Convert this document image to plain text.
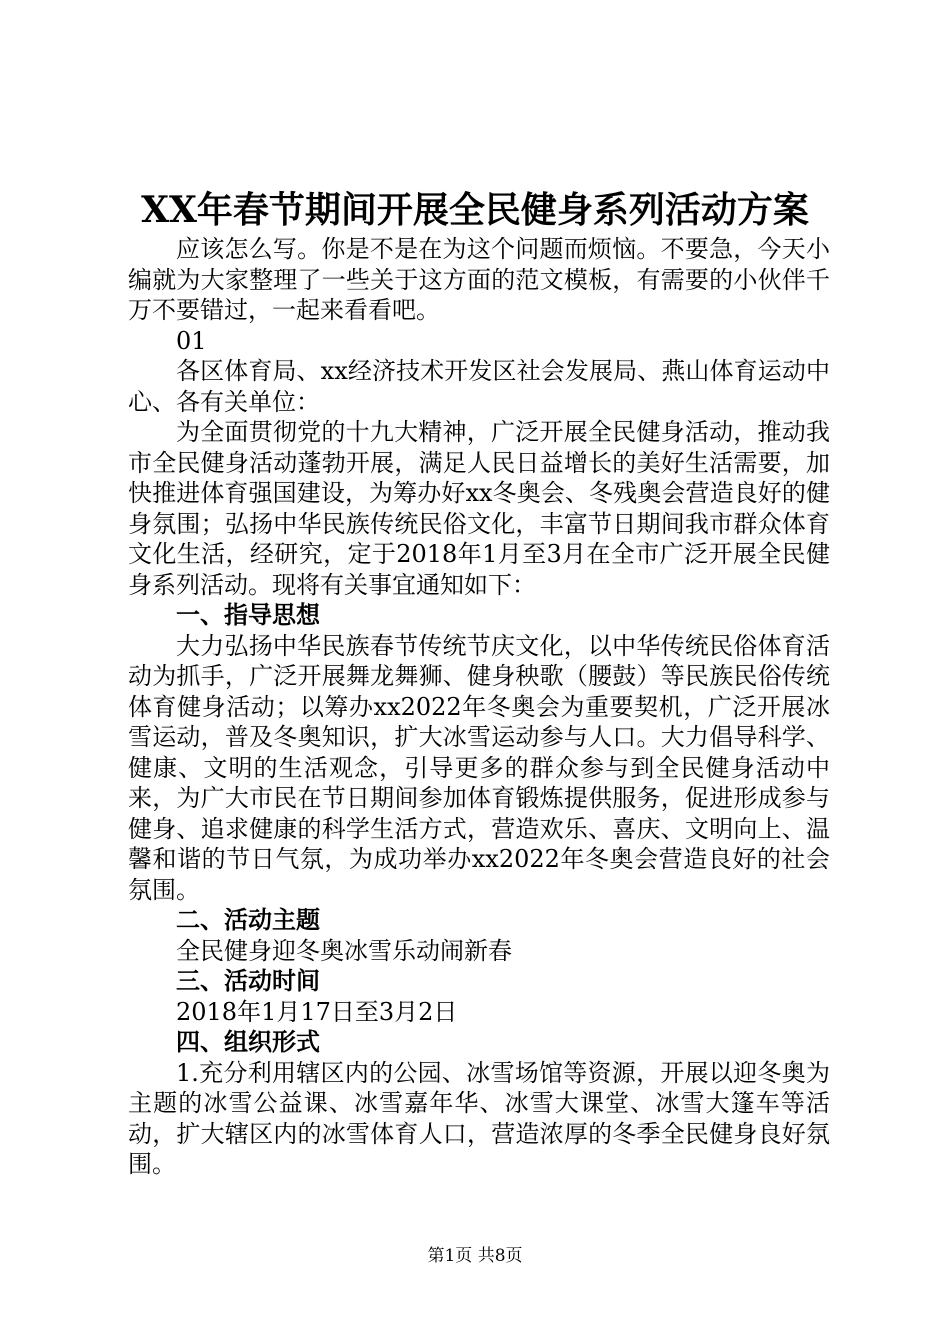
XX年春节期间开展全民健身系列活动方案

应该怎么写。你是不是在为这个问题而烦恼。不要急，今天小编就为大家整理了一些关于这方面的范文模板，有需要的小伙伴千万不要错过，一起来看看吧。

01

各区体育局、xx经济技术开发区社会发展局、燕山体育运动中心、各有关单位：

为全面贯彻党的十九大精神，广泛开展全民健身活动，推动我市全民健身活动蓬勃开展，满足人民日益增长的美好生活需要，加快推进体育强国建设，为筹办好xx冬奥会、冬残奥会营造良好的健身氛围；弘扬中华民族传统民俗文化，丰富节日期间我市群众体育文化生活，经研究，定于2018年1月至3月在全市广泛开展全民健身系列活动。现将有关事宜通知如下：

一、指导思想

大力弘扬中华民族春节传统节庆文化，以中华传统民俗体育活动为抓手，广泛开展舞龙舞狮、健身秧歌（腰鼓）等民族民俗传统体育健身活动；以筹办xx2022年冬奥会为重要契机，广泛开展冰雪运动，普及冬奥知识，扩大冰雪运动参与人口。大力倡导科学、健康、文明的生活观念，引导更多的群众参与到全民健身活动中来，为广大市民在节日期间参加体育锻炼提供服务，促进形成参与健身、追求健康的科学生活方式，营造欢乐、喜庆、文明向上、温馨和谐的节日气氛，为成功举办xx2022年冬奥会营造良好的社会氛围。

二、活动主题

全民健身迎冬奥冰雪乐动闹新春

三、活动时间

2018年1月17日至3月2日

四、组织形式

1.充分利用辖区内的公园、冰雪场馆等资源，开展以迎冬奥为主题的冰雪公益课、冰雪嘉年华、冰雪大课堂、冰雪大篷车等活动，扩大辖区内的冰雪体育人口，营造浓厚的冬季全民健身良好氛围。

第1页 共8页
